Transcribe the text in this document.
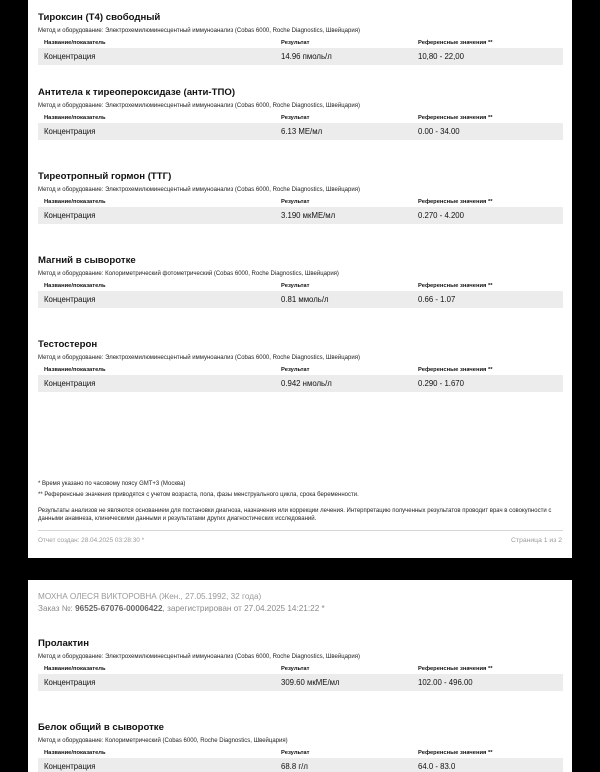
Тироксин (Т4) свободный
Метод и оборудование: Электрохемилюминесцентный иммуноанализ (Cobas 6000, Roche Diagnostics, Швейцария)
Название/показатель	Результат	Референсные значения **
Концентрация	14.96 пмоль/л	10,80 - 22,00
Антитела к тиреопероксидазе (анти-ТПО)
Метод и оборудование: Электрохемилюминесцентный иммуноанализ (Cobas 6000, Roche Diagnostics, Швейцария)
Название/показатель	Результат	Референсные значения **
Концентрация	6.13 МЕ/мл	0.00 - 34.00
Тиреотропный гормон (ТТГ)
Метод и оборудование: Электрохемилюминесцентный иммуноанализ (Cobas 6000, Roche Diagnostics, Швейцария)
Название/показатель	Результат	Референсные значения **
Концентрация	3.190 мкМЕ/мл	0.270 - 4.200
Магний в сыворотке
Метод и оборудование: Колориметрический фотометрический (Cobas 6000, Roche Diagnostics, Швейцария)
Название/показатель	Результат	Референсные значения **
Концентрация	0.81 ммоль/л	0.66 - 1.07
Тестостерон
Метод и оборудование: Электрохемилюминесцентный иммуноанализ (Cobas 6000, Roche Diagnostics, Швейцария)
Название/показатель	Результат	Референсные значения **
Концентрация	0.942 нмоль/л	0.290 - 1.670
* Время указано по часовому поясу GMT+3 (Москва)
** Референсные значения приводятся с учетом возраста, пола, фазы менструального цикла, срока беременности.
Результаты анализов не являются основанием для постановки диагноза, назначения или коррекции лечения. Интерпретацию полученных результатов проводит врач в совокупности с данными анамнеза, клиническими данными и результатами других диагностических исследований.
Отчет создан: 28.04.2025 03:28:30 *	Страница 1 из 2
МОХНА ОЛЕСЯ ВИКТОРОВНА (Жен., 27.05.1992, 32 года)
Заказ №: 96525-67076-00006422, зарегистрирован от 27.04.2025 14:21:22 *
Пролактин
Метод и оборудование: Электрохемилюминесцентный иммуноанализ (Cobas 6000, Roche Diagnostics, Швейцария)
Название/показатель	Результат	Референсные значения **
Концентрация	309.60 мкМЕ/мл	102.00 - 496.00
Белок общий в сыворотке
Метод и оборудование: Колориметрический (Cobas 6000, Roche Diagnostics, Швейцария)
Название/показатель	Результат	Референсные значения **
Концентрация	68.8 г/л	64.0 - 83.0
